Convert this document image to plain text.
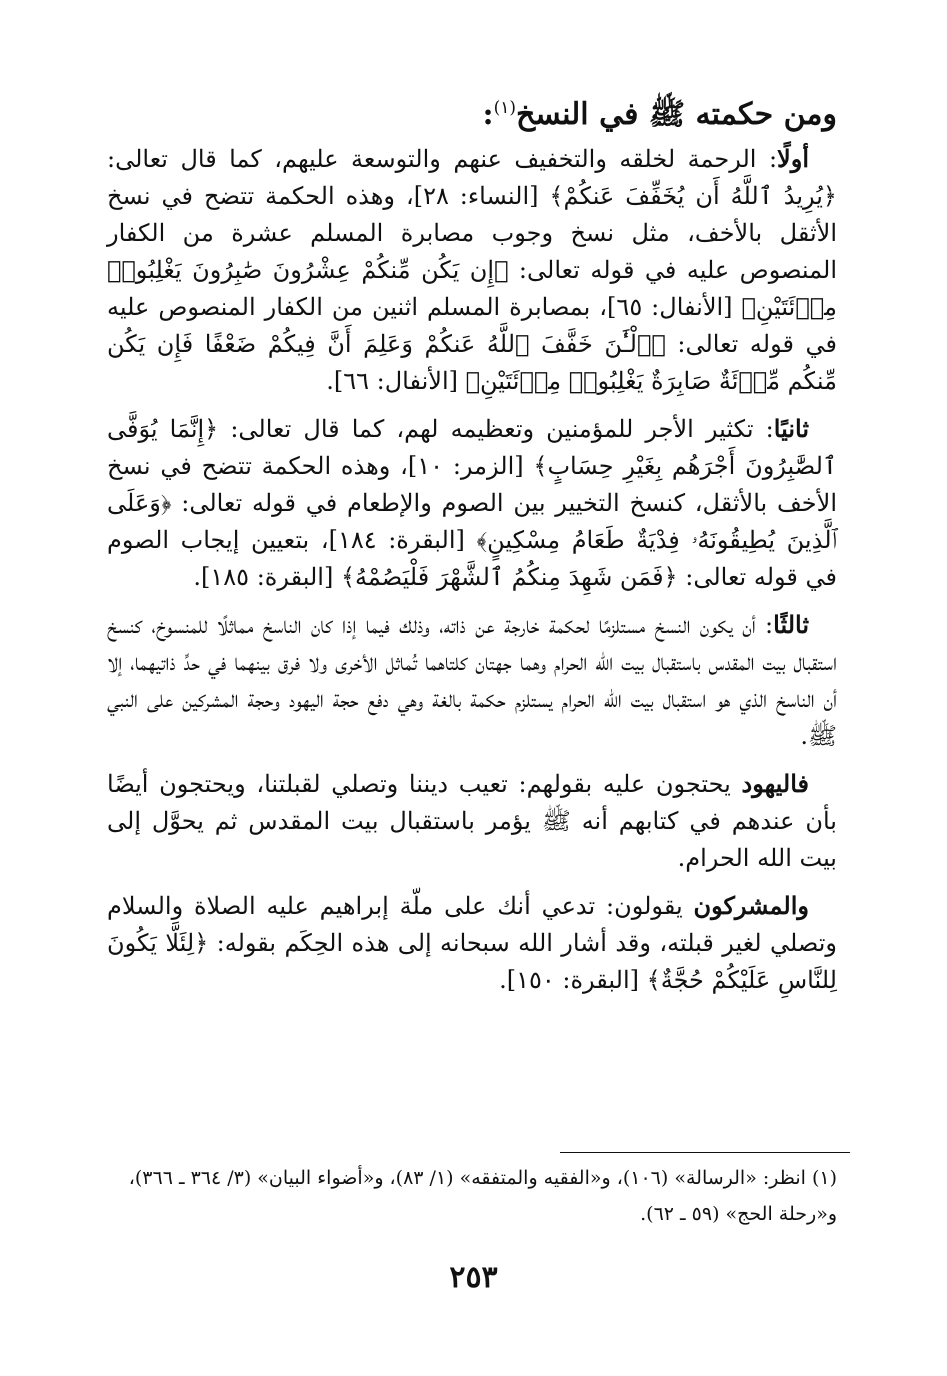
ومن حكمته ﷺ في النسخ$^{(١)}$:

أولًا: الرحمة لخلقه والتخفيف عنهم والتوسعة عليهم، كما قال تعالى: ﴿يُرِيدُ ٱللَّهُ أَن يُخَفِّفَ عَنكُمْ﴾ [النساء: ٢٨]، وهذه الحكمة تتضح في نسخ الأثقل بالأخف، مثل نسخ وجوب مصابرة المسلم عشرة من الكفار المنصوص عليه في قوله تعالى: ﴿إِن يَكُن مِّنكُمْ عِشْرُونَ صَٰبِرُونَ يَغْلِبُوا۟ مِا۟ئَتَيْنِ﴾ [الأنفال: ٦٥]، بمصابرة المسلم اثنين من الكفار المنصوص عليه في قوله تعالى: ﴿ٱلْـَٰٔنَ خَفَّفَ ٱللَّهُ عَنكُمْ وَعَلِمَ أَنَّ فِيكُمْ ضَعْفًا فَإِن يَكُن مِّنكُم مِّا۟ئَةٌ صَابِرَةٌ يَغْلِبُوا۟ مِا۟ئَتَيْنِ﴾ [الأنفال: ٦٦].

ثانيًا: تكثير الأجر للمؤمنين وتعظيمه لهم، كما قال تعالى: ﴿إِنَّمَا يُوَفَّى ٱلصَّٰبِرُونَ أَجْرَهُم بِغَيْرِ حِسَابٍ﴾ [الزمر: ١٠]، وهذه الحكمة تتضح في نسخ الأخف بالأثقل، كنسخ التخيير بين الصوم والإطعام في قوله تعالى: ﴿وَعَلَى ٱلَّذِينَ يُطِيقُونَهُۥ فِدْيَةٌ طَعَامُ مِسْكِينٍ﴾ [البقرة: ١٨٤]، بتعيين إيجاب الصوم في قوله تعالى: ﴿فَمَن شَهِدَ مِنكُمُ ٱلشَّهْرَ فَلْيَصُمْهُ﴾ [البقرة: ١٨٥].

ثالثًا: أن يكون النسخ مستلزمًا لحكمة خارجة عن ذاته، وذلك فيما إذا كان الناسخ مماثلًا للمنسوخ، كنسخ استقبال بيت المقدس باستقبال بيت الله الحرام وهما جهتان كلتاهما تُماثل الأخرى ولا فرق بينهما في حدِّ ذاتيهما، إلا أن الناسخ الذي هو استقبال بيت الله الحرام يستلزم حكمة بالغة وهي دفع حجة اليهود وحجة المشركين على النبي ﷺ.

فاليهود يحتجون عليه بقولهم: تعيب ديننا وتصلي لقبلتنا، ويحتجون أيضًا بأن عندهم في كتابهم أنه ﷺ يؤمر باستقبال بيت المقدس ثم يحوَّل إلى بيت الله الحرام.

والمشركون يقولون: تدعي أنك على ملّة إبراهيم عليه الصلاة والسلام وتصلي لغير قبلته، وقد أشار الله سبحانه إلى هذه الحِكَم بقوله: ﴿لِئَلَّا يَكُونَ لِلنَّاسِ عَلَيْكُمْ حُجَّةٌ﴾ [البقرة: ١٥٠].

(١) انظر: «الرسالة» (١٠٦)، و«الفقيه والمتفقه» (١/ ٨٣)، و«أضواء البيان» (٣/ ٣٦٤ ـ ٣٦٦)، و«رحلة الحج» (٥٩ ـ ٦٢).

٢٥٣
